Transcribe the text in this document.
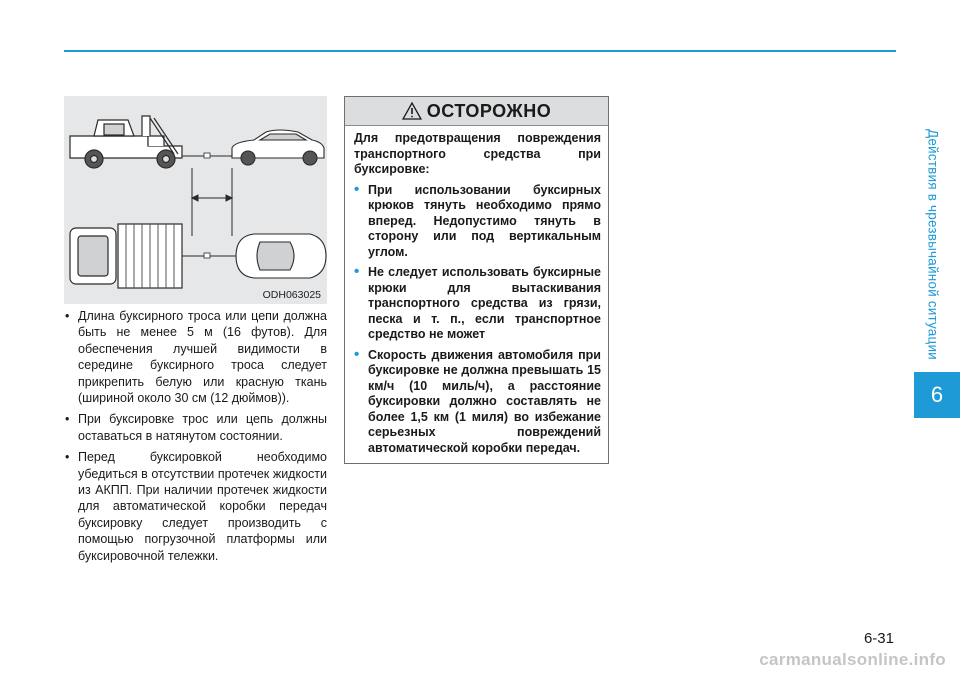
Действия в чрезвычайной ситуации
6
ODH063025
• Длина буксирного троса или цепи должна быть не менее 5 м (16 футов). Для обеспечения лучшей видимости в середине буксирного троса следует прикрепить белую или красную ткань (шириной около 30 см (12 дюймов)).
• При буксировке трос или цепь должны оставаться в натянутом состоянии.
• Перед буксировкой необходимо убедиться в отсутствии протечек жидкости из АКПП. При наличии протечек жидкости для автоматической коробки передач буксировку следует производить с помощью погрузочной платформы или буксировочной тележки.
ОСТОРОЖНО
Для предотвращения повреждения транспортного средства при буксировке:
• При использовании буксирных крюков тянуть необходимо прямо вперед. Недопустимо тянуть в сторону или под вертикальным углом.
• Не следует использовать буксирные крюки для вытаскивания транспортного средства из грязи, песка и т. п., если транспортное средство не может
• Скорость движения автомобиля при буксировке не должна превышать 15 км/ч (10 миль/ч), а расстояние буксировки должно составлять не более 1,5 км (1 миля) во избежание серьезных повреждений автоматической коробки передач.
6-31
carmanualsonline.info
